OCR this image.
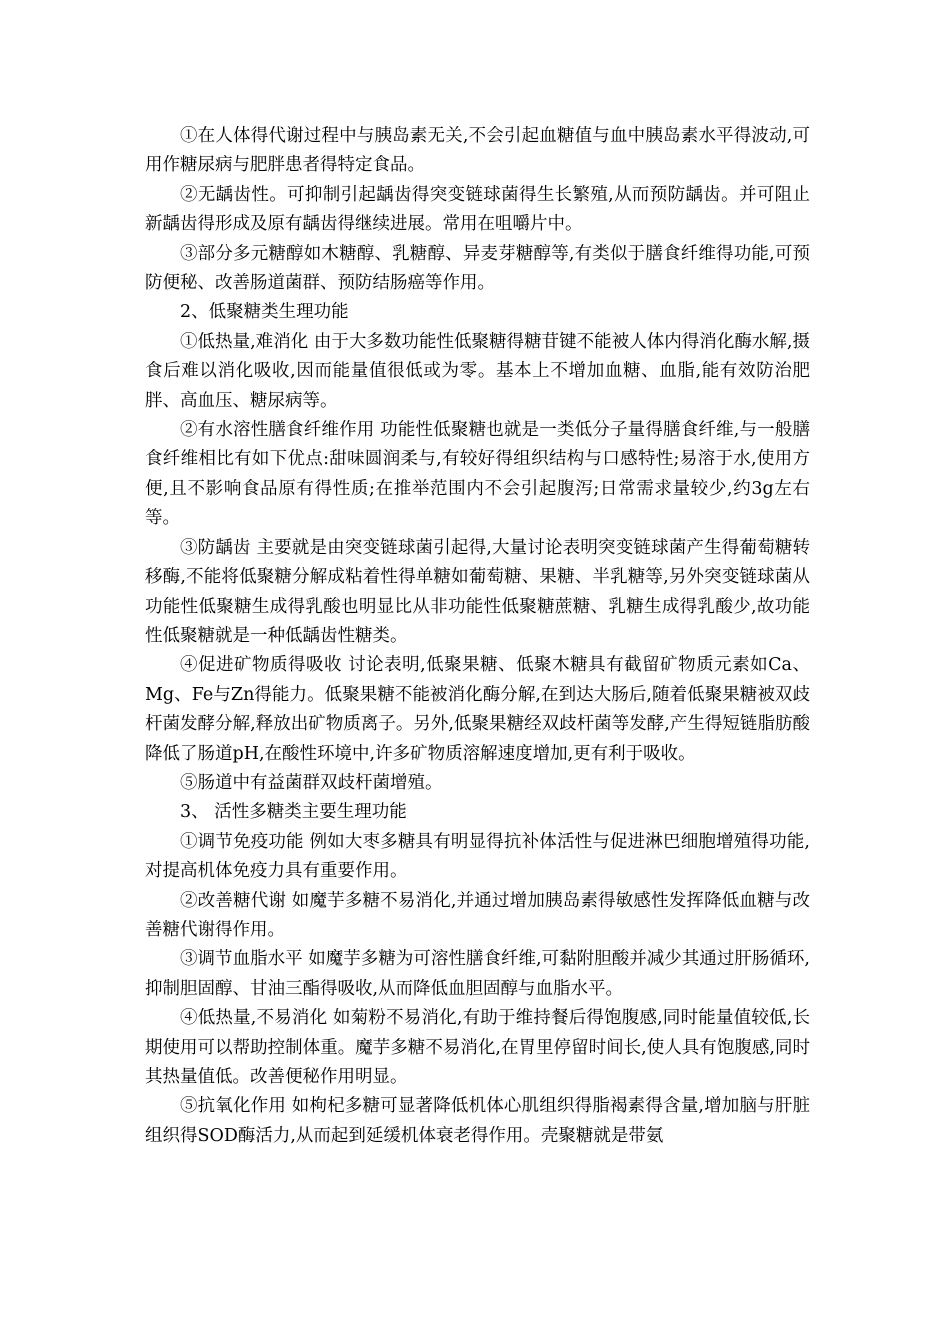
①在人体得代谢过程中与胰岛素无关,不会引起血糖值与血中胰岛素水平得波动,可用作糖尿病与肥胖患者得特定食品。

②无龋齿性。可抑制引起龋齿得突变链球菌得生长繁殖,从而预防龋齿。并可阻止新龋齿得形成及原有龋齿得继续进展。常用在咀嚼片中。

③部分多元糖醇如木糖醇、乳糖醇、异麦芽糖醇等,有类似于膳食纤维得功能,可预防便秘、改善肠道菌群、预防结肠癌等作用。

2、低聚糖类生理功能

①低热量,难消化 由于大多数功能性低聚糖得糖苷键不能被人体内得消化酶水解,摄食后难以消化吸收,因而能量值很低或为零。基本上不增加血糖、血脂,能有效防治肥胖、高血压、糖尿病等。

②有水溶性膳食纤维作用 功能性低聚糖也就是一类低分子量得膳食纤维,与一般膳食纤维相比有如下优点:甜味圆润柔与,有较好得组织结构与口感特性;易溶于水,使用方便,且不影响食品原有得性质;在推举范围内不会引起腹泻;日常需求量较少,约3g左右等。

③防龋齿 主要就是由突变链球菌引起得,大量讨论表明突变链球菌产生得葡萄糖转移酶,不能将低聚糖分解成粘着性得单糖如葡萄糖、果糖、半乳糖等,另外突变链球菌从功能性低聚糖生成得乳酸也明显比从非功能性低聚糖蔗糖、乳糖生成得乳酸少,故功能性低聚糖就是一种低龋齿性糖类。

④促进矿物质得吸收 讨论表明,低聚果糖、低聚木糖具有截留矿物质元素如Ca、Mg、Fe与Zn得能力。低聚果糖不能被消化酶分解,在到达大肠后,随着低聚果糖被双歧杆菌发酵分解,释放出矿物质离子。另外,低聚果糖经双歧杆菌等发酵,产生得短链脂肪酸降低了肠道pH,在酸性环境中,许多矿物质溶解速度增加,更有利于吸收。

⑤肠道中有益菌群双歧杆菌增殖。

3、 活性多糖类主要生理功能

①调节免疫功能 例如大枣多糖具有明显得抗补体活性与促进淋巴细胞增殖得功能,对提高机体免疫力具有重要作用。

②改善糖代谢 如魔芋多糖不易消化,并通过增加胰岛素得敏感性发挥降低血糖与改善糖代谢得作用。

③调节血脂水平 如魔芋多糖为可溶性膳食纤维,可黏附胆酸并减少其通过肝肠循环,抑制胆固醇、甘油三酯得吸收,从而降低血胆固醇与血脂水平。

④低热量,不易消化 如菊粉不易消化,有助于维持餐后得饱腹感,同时能量值较低,长期使用可以帮助控制体重。魔芋多糖不易消化,在胃里停留时间长,使人具有饱腹感,同时其热量值低。改善便秘作用明显。

⑤抗氧化作用 如枸杞多糖可显著降低机体心肌组织得脂褐素得含量,增加脑与肝脏组织得SOD酶活力,从而起到延缓机体衰老得作用。壳聚糖就是带氨
